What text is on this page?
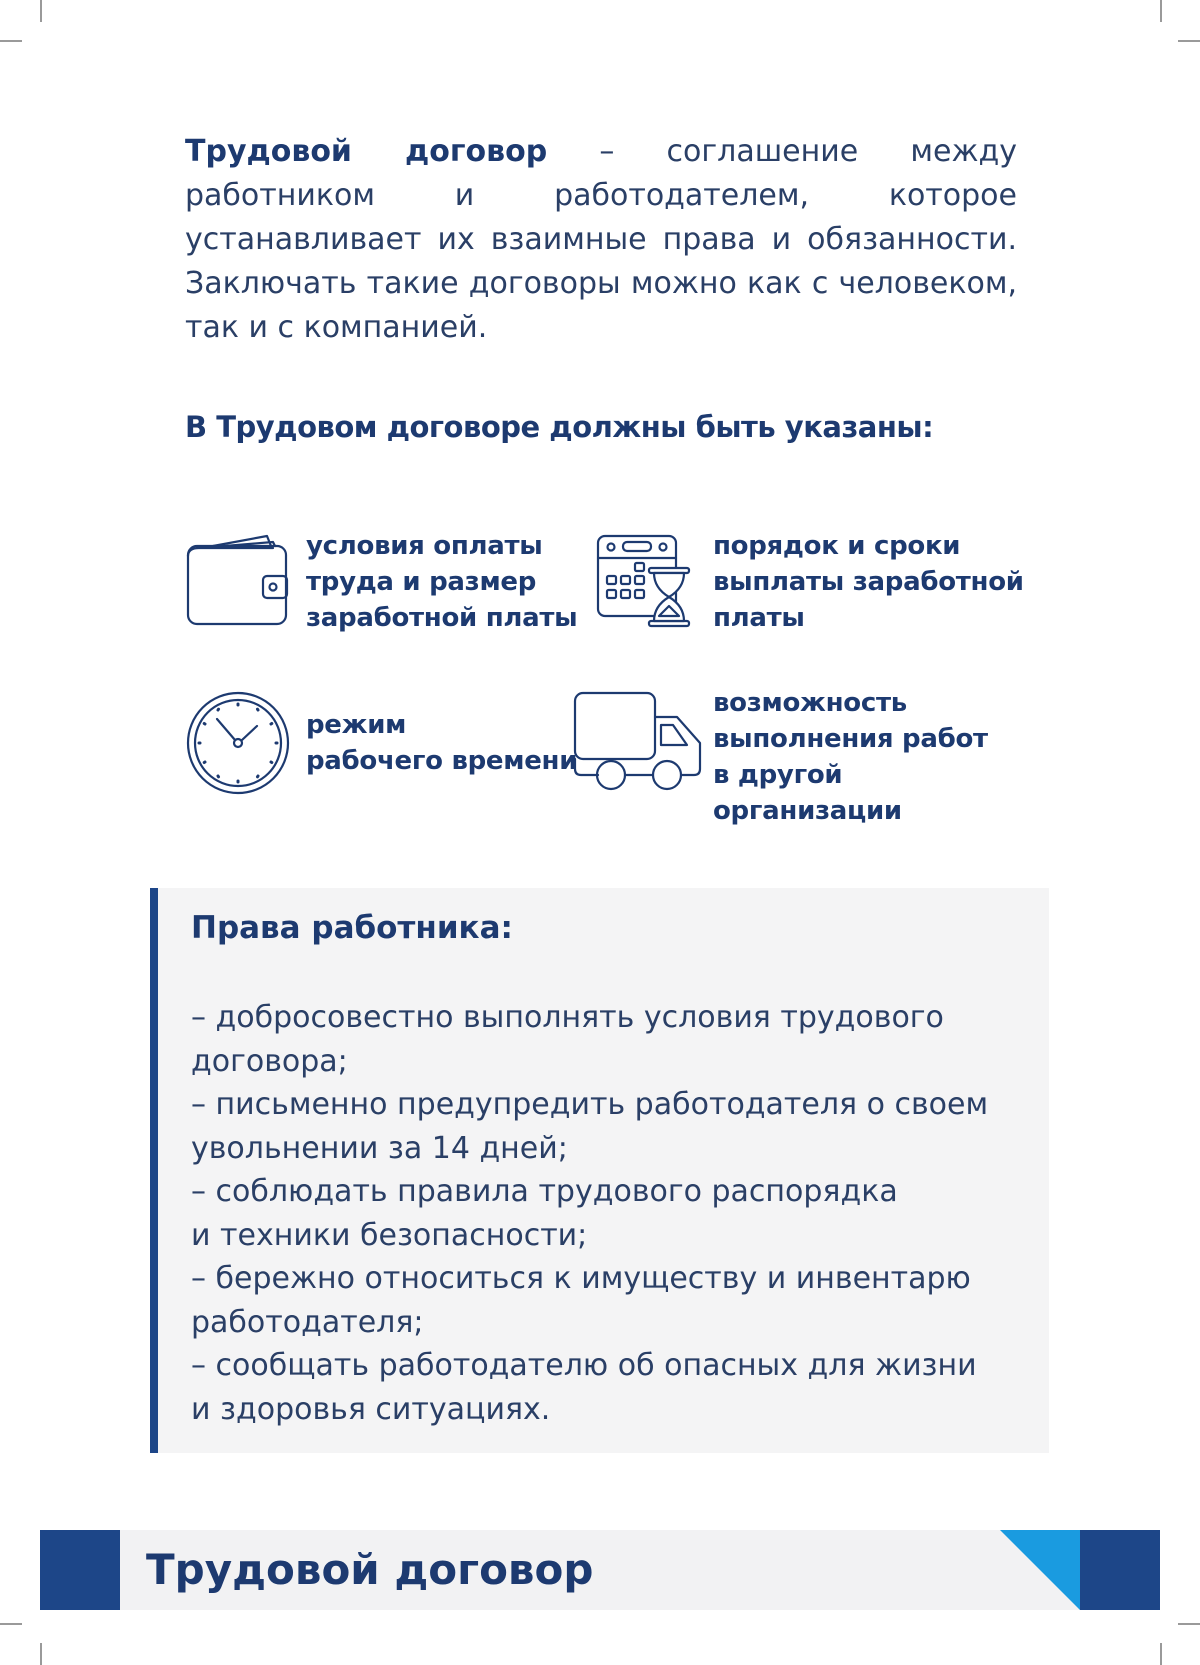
Трудовой договор – соглашение между работником и работодателем, которое устанавливает их взаимные права и обязанности. Заключать такие договоры можно как с человеком, так и с компанией.

В Трудовом договоре должны быть указаны:

условия оплаты
труда и размер
заработной платы

порядок и сроки
выплаты заработной
платы

режим
рабочего времени

возможность
выполнения работ
в другой организации

Права работника:
– добросовестно выполнять условия трудового
договора;
– письменно предупредить работодателя о своем
увольнении за 14 дней;
– соблюдать правила трудового распорядка
и техники безопасности;
– бережно относиться к имуществу и инвентарю
работодателя;
– сообщать работодателю об опасных для жизни
и здоровья ситуациях.
Трудовой договор
